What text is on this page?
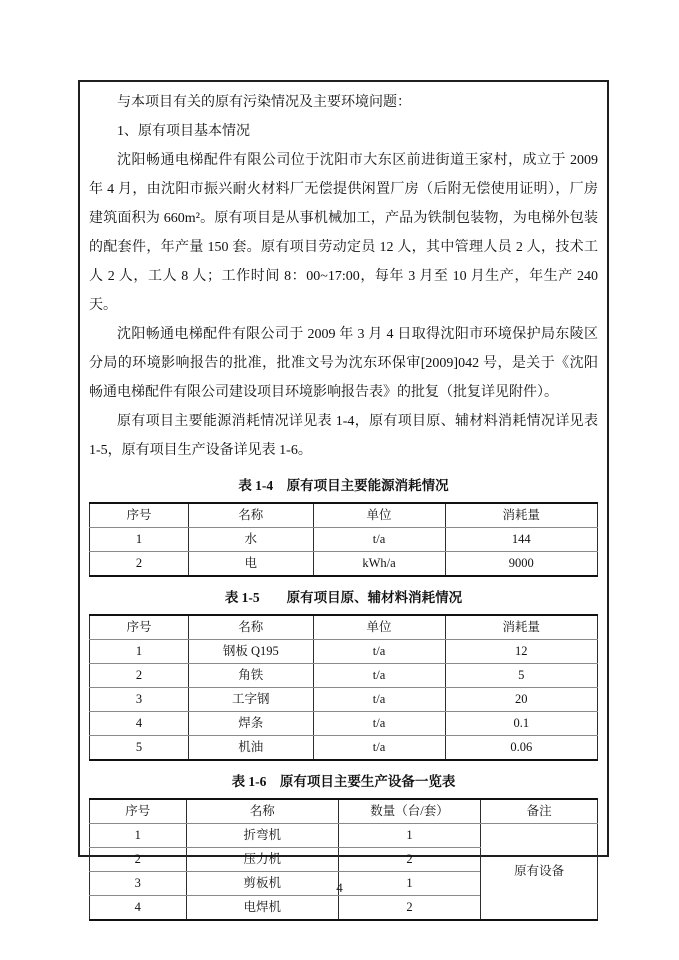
与本项目有关的原有污染情况及主要环境问题：

1、原有项目基本情况

沈阳畅通电梯配件有限公司位于沈阳市大东区前进街道王家村，成立于 2009 年 4 月，由沈阳市振兴耐火材料厂无偿提供闲置厂房（后附无偿使用证明），厂房建筑面积为 660m²。原有项目是从事机械加工，产品为铁制包装物，为电梯外包装的配套件，年产量 150 套。原有项目劳动定员 12 人，其中管理人员 2 人，技术工人 2 人，工人 8 人；工作时间 8：00~17:00，每年 3 月至 10 月生产，年生产 240 天。

沈阳畅通电梯配件有限公司于 2009 年 3 月 4 日取得沈阳市环境保护局东陵区分局的环境影响报告的批准，批准文号为沈东环保审[2009]042 号，是关于《沈阳畅通电梯配件有限公司建设项目环境影响报告表》的批复（批复详见附件）。

原有项目主要能源消耗情况详见表 1-4，原有项目原、辅材料消耗情况详见表 1-5，原有项目生产设备详见表 1-6。

表 1-4　原有项目主要能源消耗情况
序号	名称	单位	消耗量
1	水	t/a	144
2	电	kWh/a	9000
表 1-5　　原有项目原、辅材料消耗情况
序号	名称	单位	消耗量
1	钢板 Q195	t/a	12
2	角铁	t/a	5
3	工字钢	t/a	20
4	焊条	t/a	0.1
5	机油	t/a	0.06
表 1-6　原有项目主要生产设备一览表
序号	名称	数量（台/套）	备注
1	折弯机	1	原有设备
2	压力机	2	
3	剪板机	1	
4	电焊机	2	
4
